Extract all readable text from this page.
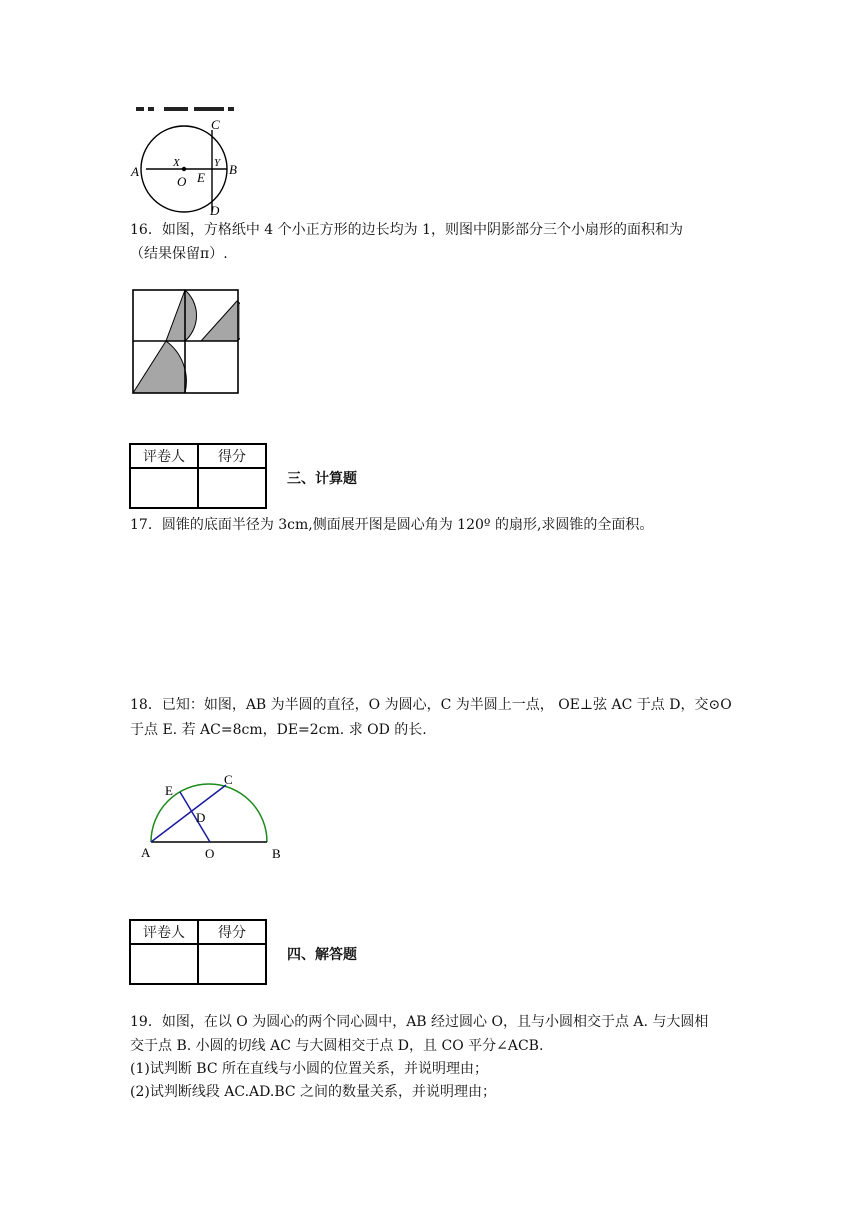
A	B
C
D
E
O
X	Y
16．如图，方格纸中 4 个小正方形的边长均为 1，则图中阴影部分三个小扇形的面积和为
（结果保留π）.
评卷人	得分

三、计算题
17．圆锥的底面半径为 3cm,侧面展开图是圆心角为 120º 的扇形,求圆锥的全面积。
18．已知：如图，AB 为半圆的直径，O 为圆心，C 为半圆上一点， OE⊥弦 AC 于点 D，交⊙O
于点 E. 若 AC=8cm，DE=2cm. 求 OD 的长.
A	B
C
D
E
O
评卷人	得分

四、解答题
19．如图，在以 O 为圆心的两个同心圆中，AB 经过圆心 O，且与小圆相交于点 A. 与大圆相
交于点 B. 小圆的切线 AC 与大圆相交于点 D，且 CO 平分∠ACB.
(1)试判断 BC 所在直线与小圆的位置关系，并说明理由；
(2)试判断线段 AC.AD.BC 之间的数量关系，并说明理由；
